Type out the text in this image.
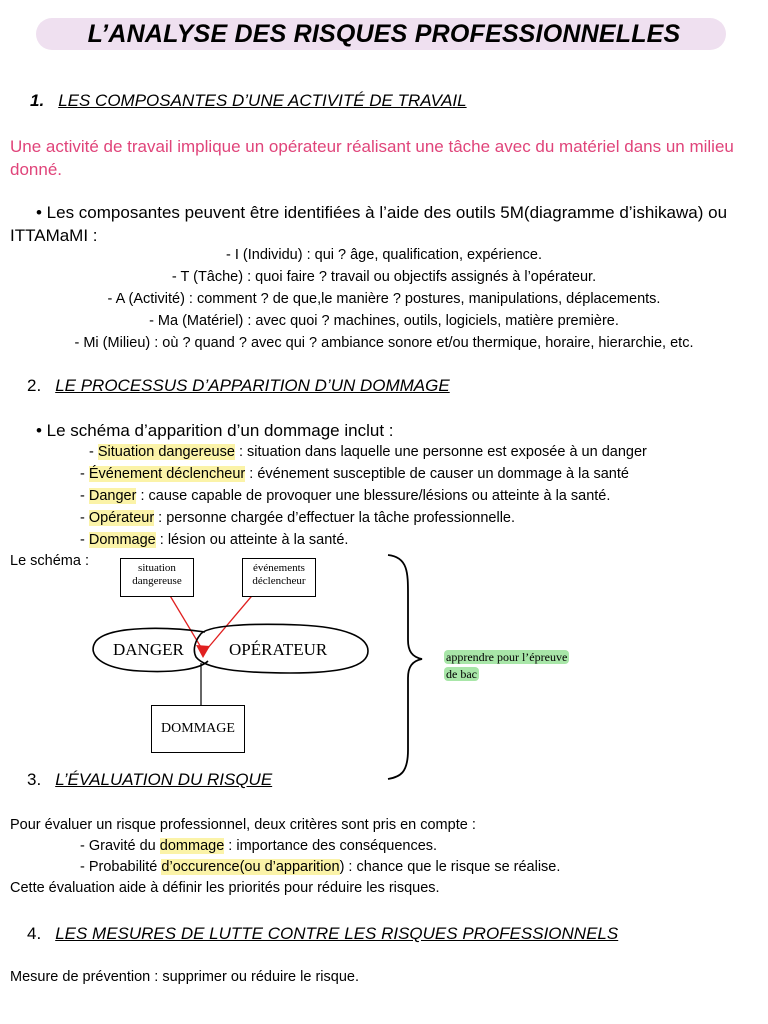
L’ANALYSE DES RISQUES PROFESSIONNELLES
1. LES COMPOSANTES D’UNE ACTIVITÉ DE TRAVAIL
Une activité de travail implique un opérateur réalisant une tâche avec du matériel dans un milieu donné.
• Les composantes peuvent être identifiées à l’aide des outils 5M(diagramme d’ishikawa) ou ITTAMaMI :
- I (Individu) : qui ? âge, qualification, expérience.
- T (Tâche) : quoi faire ? travail ou objectifs assignés à l’opérateur.
- A (Activité) : comment ? de que,le manière ? postures, manipulations, déplacements.
- Ma (Matériel) : avec quoi ? machines, outils, logiciels, matière première.
- Mi (Milieu) : où ? quand ? avec qui ? ambiance sonore et/ou thermique, horaire, hierarchie, etc.
2. LE PROCESSUS D’APPARITION D’UN DOMMAGE
• Le schéma d’apparition d’un dommage inclut :
- Situation dangereuse : situation dans laquelle une personne est exposée à un danger
- Événement déclencheur : événement susceptible de causer un dommage à la santé
- Danger : cause capable de provoquer une blessure/lésions ou atteinte à la santé.
- Opérateur : personne chargée d’effectuer la tâche professionnelle.
- Dommage : lésion ou atteinte à la santé.
Le schéma :	situation
dangereuse
événements
déclencheur
DANGER	OPÉRATEUR
DOMMAGE
apprendre pour l’épreuve
de bac
3. L’ÉVALUATION DU RISQUE
Pour évaluer un risque professionnel, deux critères sont pris en compte :
- Gravité du dommage : importance des conséquences.
- Probabilité d’occurence(ou d’apparition) : chance que le risque se réalise.
Cette évaluation aide à définir les priorités pour réduire les risques.
4. LES MESURES DE LUTTE CONTRE LES RISQUES PROFESSIONNELS
Mesure de prévention : supprimer ou réduire le risque.
